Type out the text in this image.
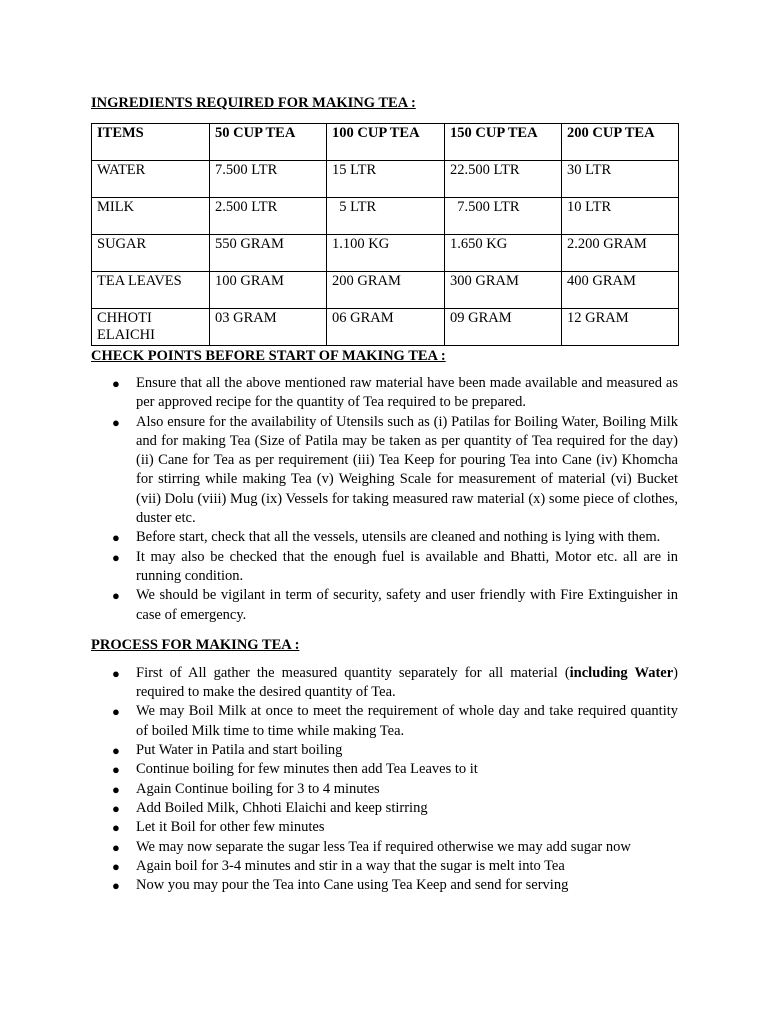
INGREDIENTS REQUIRED FOR MAKING TEA :

ITEMS	50 CUP TEA	100 CUP TEA	150 CUP TEA	200 CUP TEA
WATER	7.500 LTR	15 LTR	22.500 LTR	30 LTR
MILK	2.500 LTR	5 LTR	7.500 LTR	10 LTR
SUGAR	550 GRAM	1.100 KG	1.650 KG	2.200 GRAM
TEA LEAVES	100 GRAM	200 GRAM	300 GRAM	400 GRAM
CHHOTI ELAICHI	03 GRAM	06 GRAM	09 GRAM	12 GRAM

CHECK POINTS BEFORE START OF MAKING TEA :

● Ensure that all the above mentioned raw material have been made available and measured as per approved recipe for the quantity of Tea required to be prepared.
● Also ensure for the availability of Utensils such as (i) Patilas for Boiling Water, Boiling Milk and for making Tea (Size of Patila may be taken as per quantity of Tea required for the day) (ii) Cane for Tea as per requirement (iii) Tea Keep for pouring Tea into Cane (iv) Khomcha for stirring while making Tea (v) Weighing Scale for measurement of material (vi) Bucket (vii) Dolu (viii) Mug (ix) Vessels for taking measured raw material (x) some piece of clothes, duster etc.
● Before start, check that all the vessels, utensils are cleaned and nothing is lying with them.
● It may also be checked that the enough fuel is available and Bhatti, Motor etc. all are in running condition.
● We should be vigilant in term of security, safety and user friendly with Fire Extinguisher in case of emergency.

PROCESS FOR MAKING TEA :

● First of All gather the measured quantity separately for all material (including Water) required to make the desired quantity of Tea.
● We may Boil Milk at once to meet the requirement of whole day and take required quantity of boiled Milk time to time while making Tea.
● Put Water in Patila and start boiling
● Continue boiling for few minutes then add Tea Leaves to it
● Again Continue boiling for 3 to 4 minutes
● Add Boiled Milk, Chhoti Elaichi and keep stirring
● Let it Boil for other few minutes
● We may now separate the sugar less Tea if required otherwise we may add sugar now
● Again boil for 3-4 minutes and stir in a way that the sugar is melt into Tea
● Now you may pour the Tea into Cane using Tea Keep and send for serving
